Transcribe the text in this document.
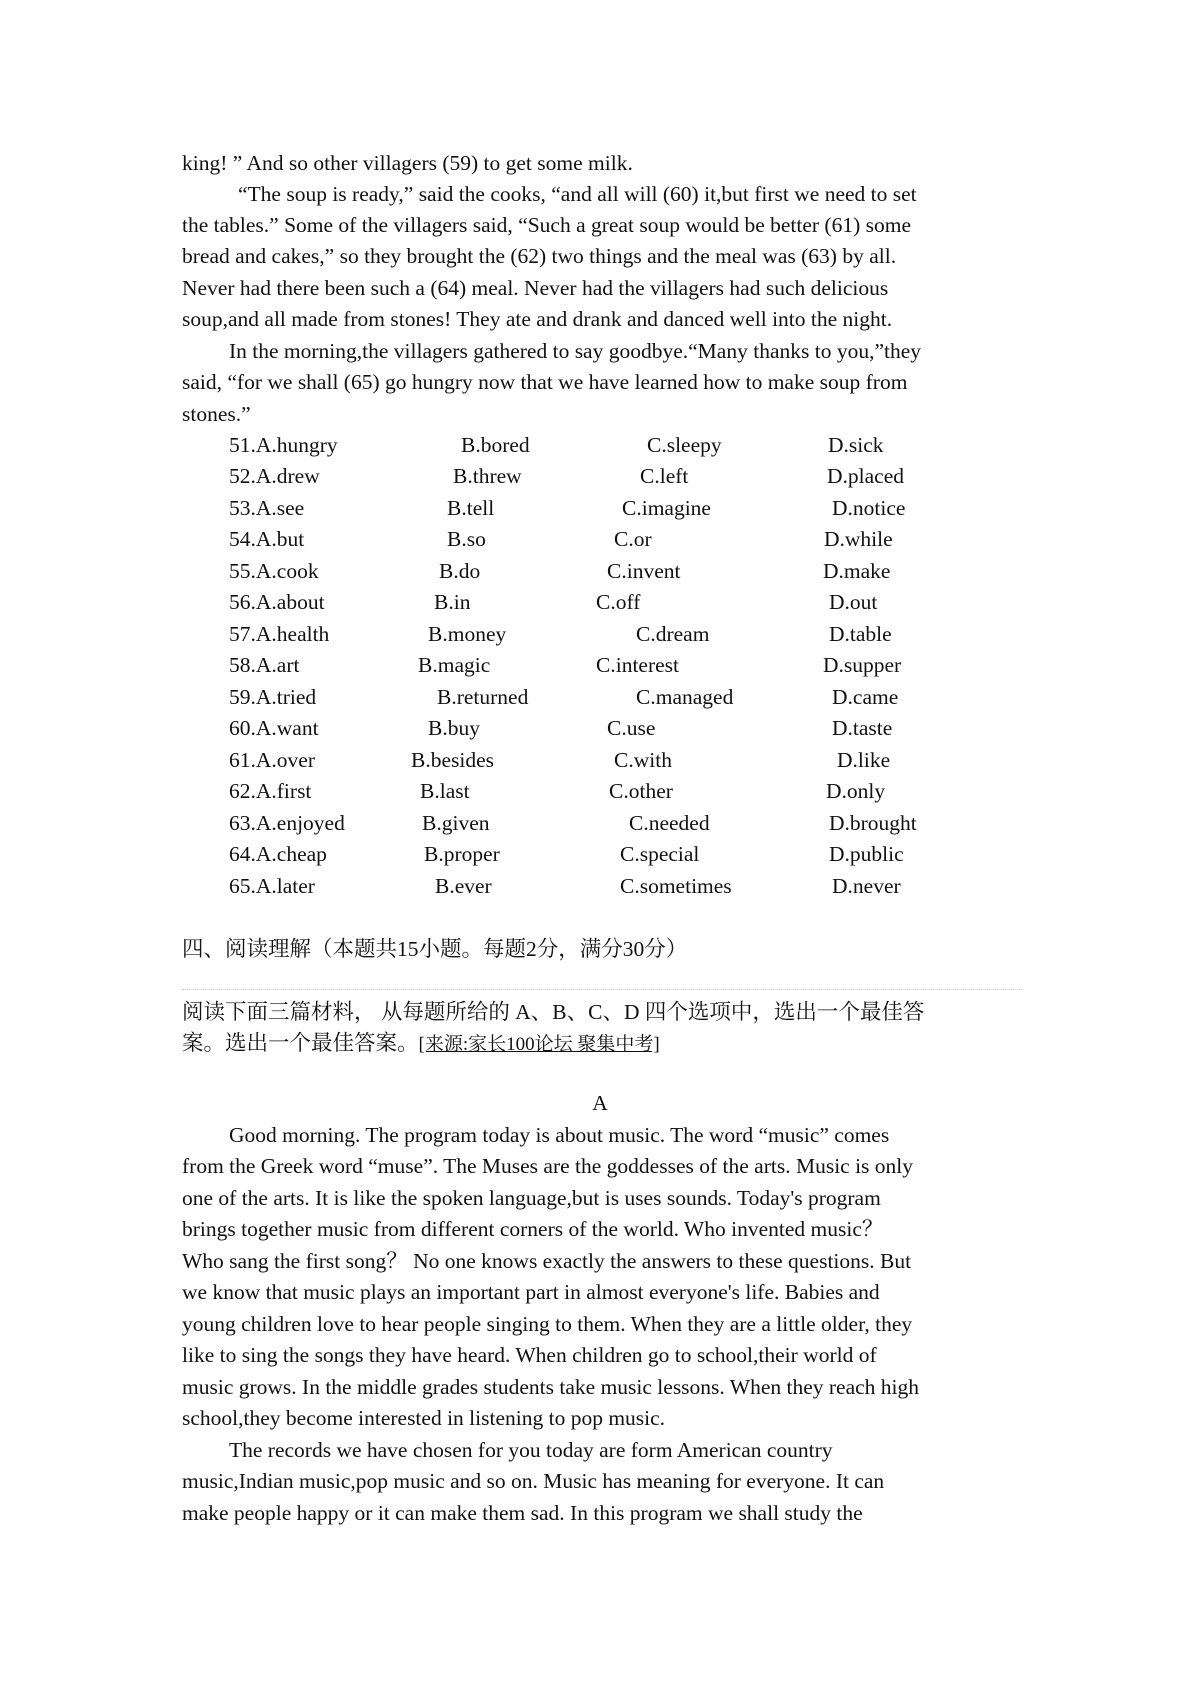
king! ” And so other villagers (59) to get some milk.
“The soup is ready,” said the cooks, “and all will (60) it,but first we need to set
the tables.” Some of the villagers said, “Such a great soup would be better (61) some
bread and cakes,” so they brought the (62) two things and the meal was (63) by all.
Never had there been such a (64) meal. Never had the villagers had such delicious
soup,and all made from stones! They ate and drank and danced well into the night.
In the morning,the villagers gathered to say goodbye.“Many thanks to you,”they
said, “for we shall (65) go hungry now that we have learned how to make soup from
stones.”
51.A.hungry	B.bored	C.sleepy	D.sick
52.A.drew	B.threw	C.left	D.placed
53.A.see	B.tell	C.imagine	D.notice
54.A.but	B.so	C.or	D.while
55.A.cook	B.do	C.invent	D.make
56.A.about	B.in	C.off	D.out
57.A.health	B.money	C.dream	D.table
58.A.art	B.magic	C.interest	D.supper
59.A.tried	B.returned	C.managed	D.came
60.A.want	B.buy	C.use	D.taste
61.A.over	B.besides	C.with	D.like
62.A.first	B.last	C.other	D.only
63.A.enjoyed	B.given	C.needed	D.brought
64.A.cheap	B.proper	C.special	D.public
65.A.later	B.ever	C.sometimes	D.never
四、阅读理解（本题共15小题。每题2分，满分30分）
阅读下面三篇材料， 从每题所给的 A、B、C、D 四个选项中，选出一个最佳答
案。选出一个最佳答案。[来源:家长100论坛 聚集中考]
A
Good morning. The program today is about music. The word “music” comes
from the Greek word “muse”. The Muses are the goddesses of the arts. Music is only
one of the arts. It is like the spoken language,but is uses sounds. Today's program
brings together music from different corners of the world. Who invented music？
Who sang the first song？ No one knows exactly the answers to these questions. But
we know that music plays an important part in almost everyone's life. Babies and
young children love to hear people singing to them. When they are a little older, they
like to sing the songs they have heard. When children go to school,their world of
music grows. In the middle grades students take music lessons. When they reach high
school,they become interested in listening to pop music.
The records we have chosen for you today are form American country
music,Indian music,pop music and so on. Music has meaning for everyone. It can
make people happy or it can make them sad. In this program we shall study the
